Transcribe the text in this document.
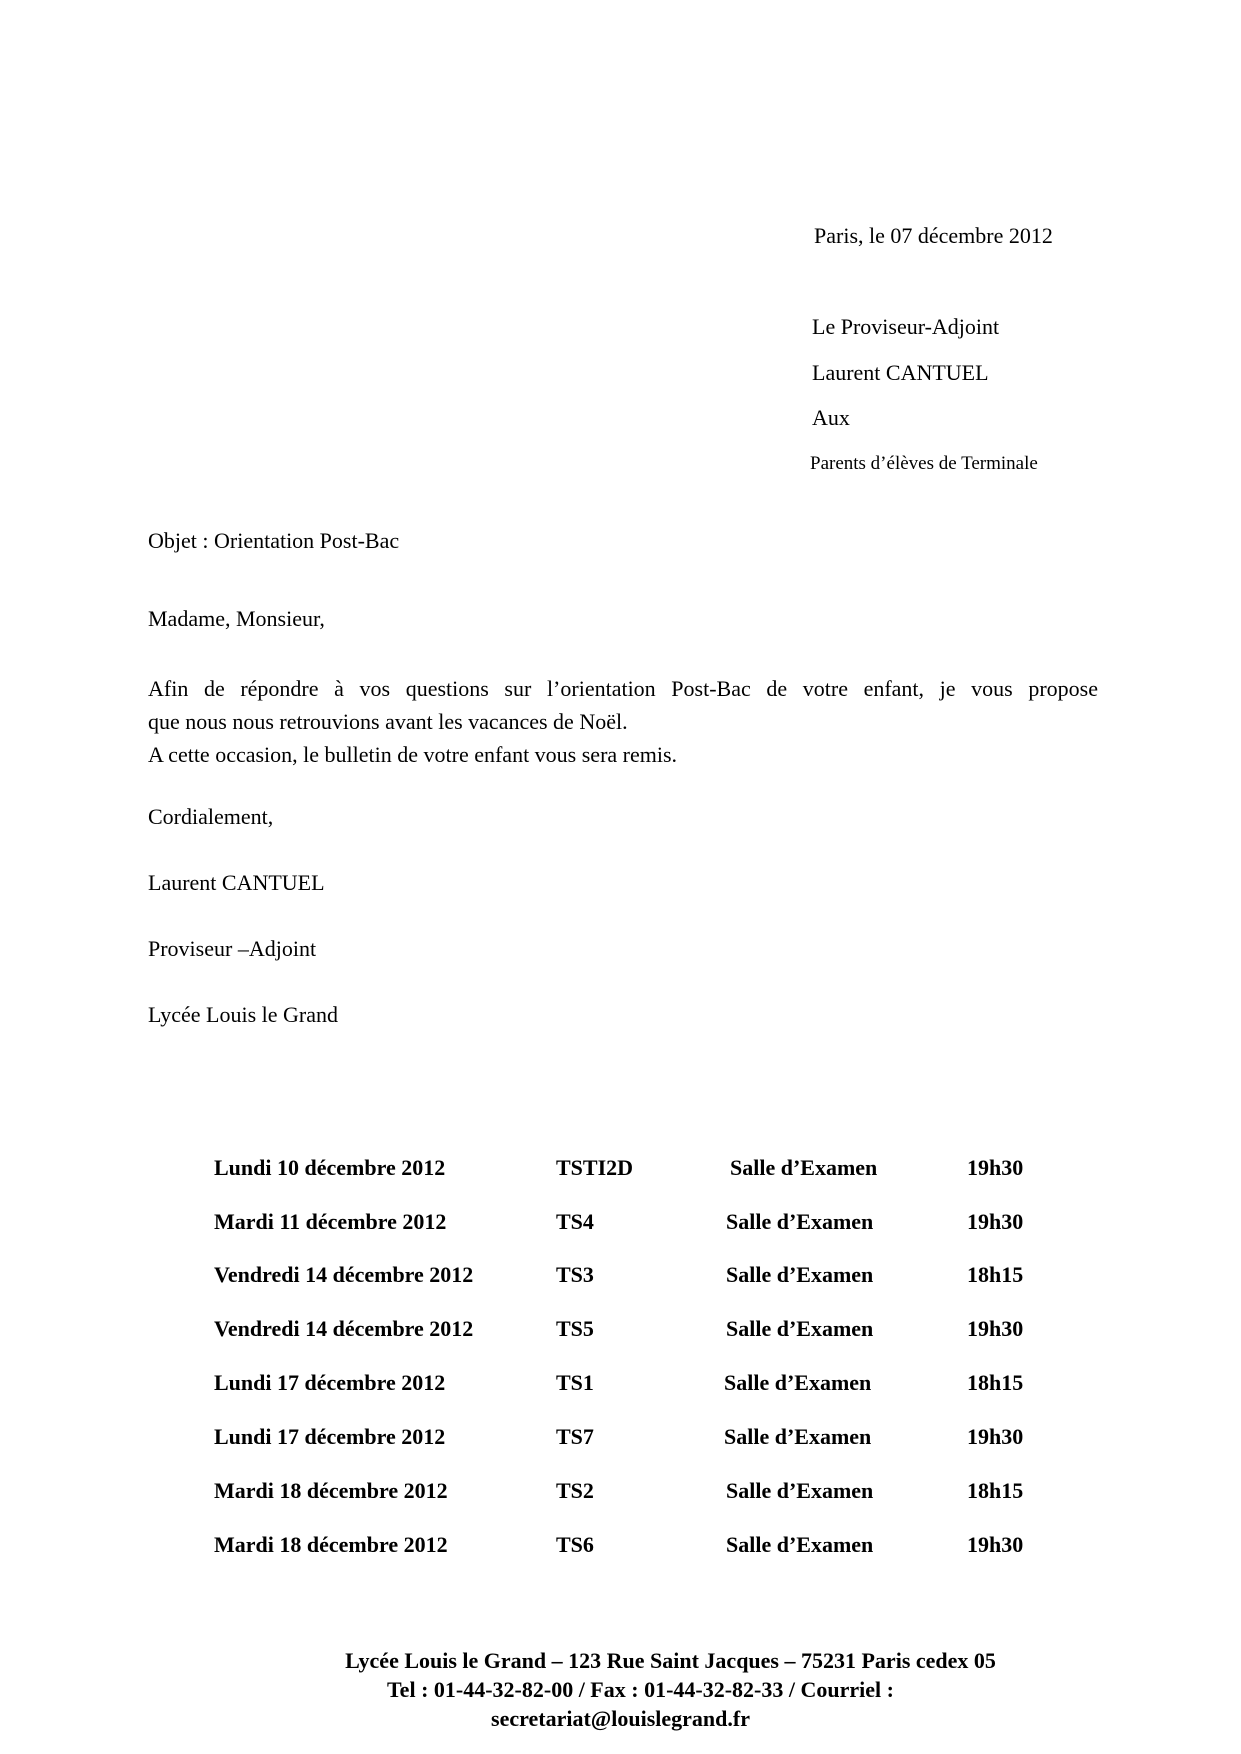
Paris, le 07 décembre 2012
Le Proviseur-Adjoint
Laurent CANTUEL
Aux
Parents d’élèves de Terminale
Objet : Orientation Post-Bac
Madame, Monsieur,

Afin de répondre à vos questions sur l’orientation Post-Bac de votre enfant, je vous propose

que nous nous retrouvions avant les vacances de Noël.

A cette occasion, le bulletin de votre enfant vous sera remis.

Cordialement,
Laurent CANTUEL
Proviseur –Adjoint
Lycée Louis le Grand
Lundi 10 décembre 2012	TSTI2D	Salle d’Examen	19h30
Mardi 11 décembre 2012	TS4	Salle d’Examen	19h30
Vendredi 14 décembre 2012	TS3	Salle d’Examen	18h15
Vendredi 14 décembre 2012	TS5	Salle d’Examen	19h30
Lundi 17 décembre 2012	TS1	Salle d’Examen	18h15
Lundi 17 décembre 2012	TS7	Salle d’Examen	19h30
Mardi 18 décembre 2012	TS2	Salle d’Examen	18h15
Mardi 18 décembre 2012	TS6	Salle d’Examen	19h30
Lycée Louis le Grand – 123 Rue Saint Jacques – 75231 Paris cedex 05
Tel : 01-44-32-82-00 / Fax : 01-44-32-82-33 / Courriel :
secretariat@louislegrand.fr
